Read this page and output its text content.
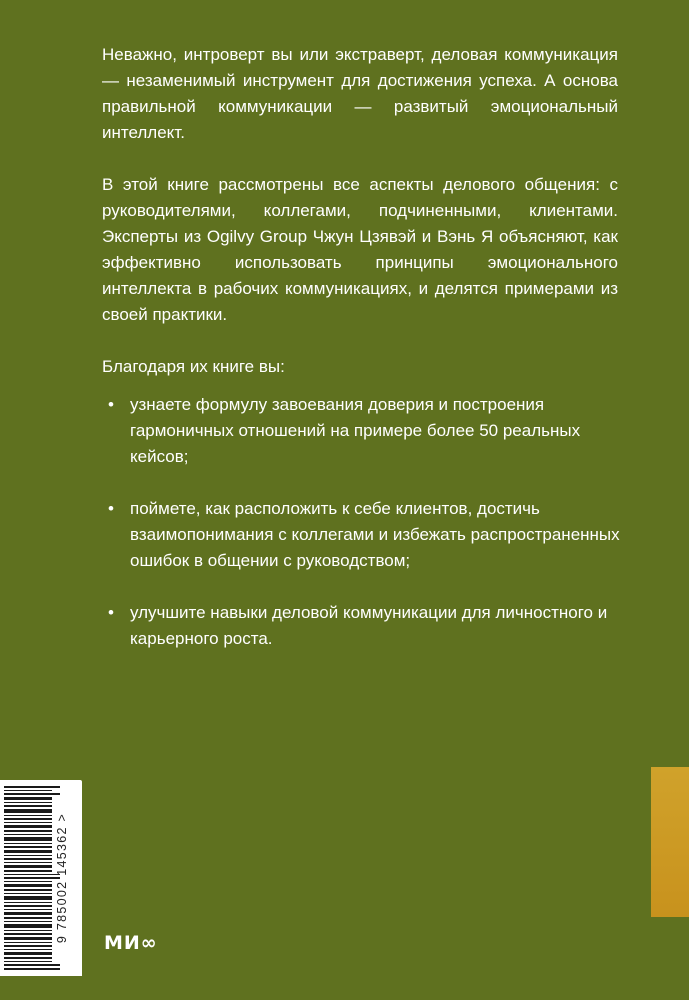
Неважно, интроверт вы или экстраверт, деловая коммуникация — незаменимый инструмент для достижения успеха. А основа правильной коммуникации — развитый эмоциональный интеллект.

В этой книге рассмотрены все аспекты делового общения: с руководителями, коллегами, подчиненными, клиентами. Эксперты из Ogilvy Group Чжун Цзявэй и Вэнь Я объясняют, как эффективно использовать принципы эмоционального интеллекта в рабочих коммуникациях, и делятся примерами из своей практики.

Благодаря их книге вы:

• узнаете формулу завоевания доверия и построения гармоничных отношений на примере более 50 реальных кейсов;
• поймете, как расположить к себе клиентов, достичь взаимопонимания с коллегами и избежать распространенных ошибок в общении с руководством;
• улучшите навыки деловой коммуникации для личностного и карьерного роста.
9 785002 145362 > МИ∞
